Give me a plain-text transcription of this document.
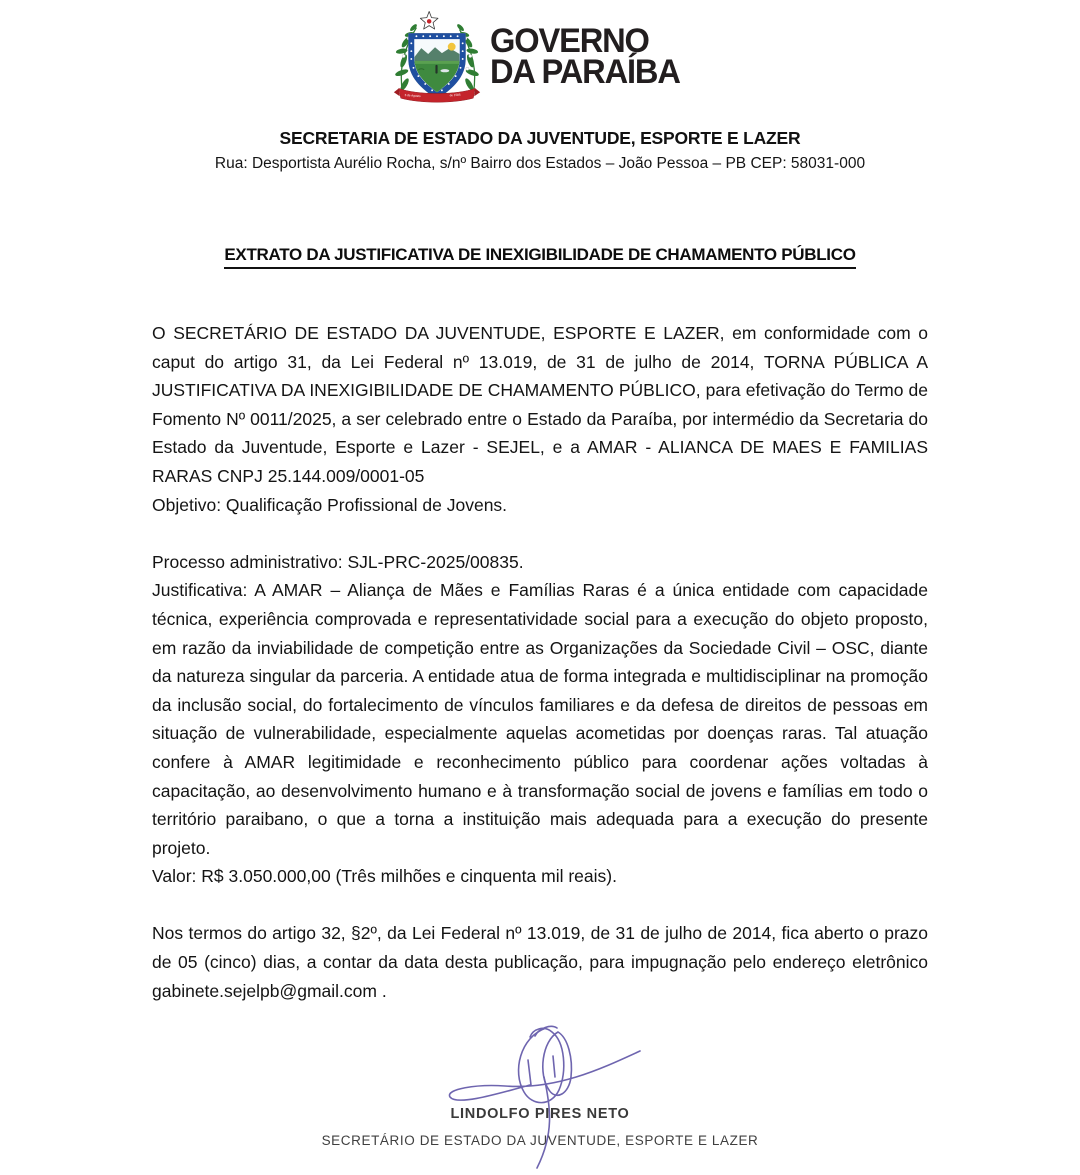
5 de Agosto	de 1585
GOVERNO
DA PARAÍBA
SECRETARIA DE ESTADO DA JUVENTUDE, ESPORTE E LAZER
Rua: Desportista Aurélio Rocha, s/nº Bairro dos Estados – João Pessoa – PB CEP: 58031-000
EXTRATO DA JUSTIFICATIVA DE INEXIGIBILIDADE DE CHAMAMENTO PÚBLICO

O SECRETÁRIO DE ESTADO DA JUVENTUDE, ESPORTE E LAZER, em conformidade com o caput do artigo 31, da Lei Federal nº 13.019, de 31 de julho de 2014, TORNA PÚBLICA A JUSTIFICATIVA DA INEXIGIBILIDADE DE CHAMAMENTO PÚBLICO, para efetivação do Termo de Fomento Nº 0011/2025, a ser celebrado entre o Estado da Paraíba, por intermédio da Secretaria do Estado da Juventude, Esporte e Lazer - SEJEL, e a AMAR - ALIANCA DE MAES E FAMILIAS RARAS CNPJ 25.144.009/0001-05

Objetivo: Qualificação Profissional de Jovens.

Processo administrativo: SJL-PRC-2025/00835.

Justificativa: A AMAR – Aliança de Mães e Famílias Raras é a única entidade com capacidade técnica, experiência comprovada e representatividade social para a execução do objeto proposto, em razão da inviabilidade de competição entre as Organizações da Sociedade Civil – OSC, diante da natureza singular da parceria. A entidade atua de forma integrada e multidisciplinar na promoção da inclusão social, do fortalecimento de vínculos familiares e da defesa de direitos de pessoas em situação de vulnerabilidade, especialmente aquelas acometidas por doenças raras. Tal atuação confere à AMAR legitimidade e reconhecimento público para coordenar ações voltadas à capacitação, ao desenvolvimento humano e à transformação social de jovens e famílias em todo o território paraibano, o que a torna a instituição mais adequada para a execução do presente projeto.

Valor: R$ 3.050.000,00 (Três milhões e cinquenta mil reais).

Nos termos do artigo 32, §2º, da Lei Federal nº 13.019, de 31 de julho de 2014, fica aberto o prazo de 05 (cinco) dias, a contar da data desta publicação, para impugnação pelo endereço eletrônico gabinete.sejelpb@gmail.com .

LINDOLFO PIRES NETO
SECRETÁRIO DE ESTADO DA JUVENTUDE, ESPORTE E LAZER
